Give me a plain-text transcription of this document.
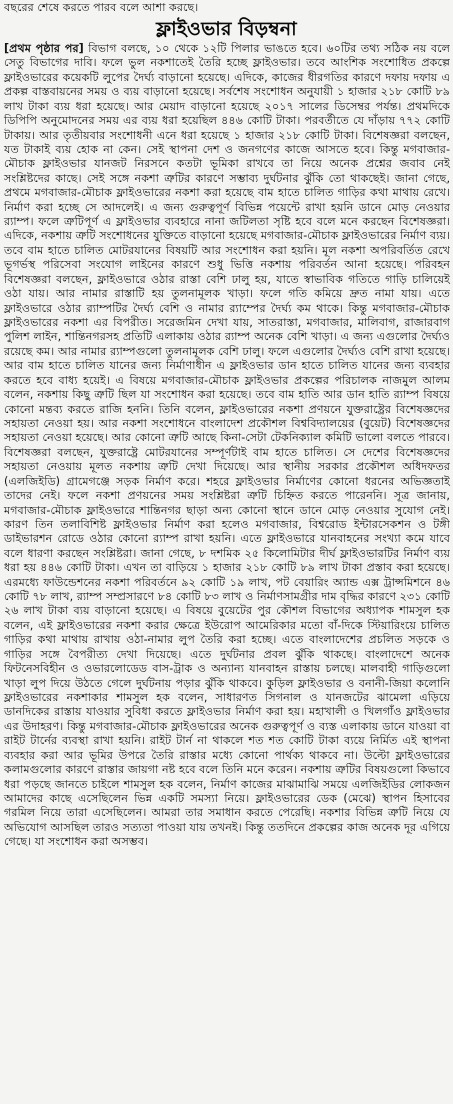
বছরের শেষে করতে পারব বলে আশা করছে।
ফ্লাইওভার বিড়ম্বনা
[প্রথম পৃষ্ঠার পর] বিভাগ বলছে, ১০ থেকে ১২টি পিলার ভাঙতে হবে। ৬০টির তথ্য সঠিক নয় বলে সেতু বিভাগের দাবি। ফলে ভুল নকশাতেই তৈরি হচ্ছে ফ্লাইওভার। তবে আংশিক সংশোধিত প্রকল্পে ফ্লাইওভারের কয়েকটি লুপের দৈর্ঘ্য বাড়ানো হয়েছে। এদিকে, কাজের ধীরগতির কারণে দফায় দফায় এ প্রকল্প বাস্তবায়নের সময় ও ব্যয় বাড়ানো হয়েছে। সর্বশেষ সংশোধন অনুযায়ী ১ হাজার ২১৮ কোটি ৮৯ লাখ টাকা ব্যয় ধরা হয়েছে। আর মেয়াদ বাড়ানো হয়েছে ২০১৭ সালের ডিসেম্বর পর্যন্ত। প্রথমদিকে ডিপিপি অনুমোদনের সময় এর ব্যয় ধরা হয়েছিল ৪৪৬ কোটি টাকা। পরবর্তীতে যে দাঁড়ায় ৭৭২ কোটি টাকায়। আর তৃতীয়বার সংশোধনী এনে ধরা হয়েছে ১ হাজার ২১৮ কোটি টাকা। বিশেষজ্ঞরা বলছেন, যত টাকাই ব্যয় হোক না কেন। সেই স্থাপনা দেশ ও জনগণের কাজে আসতে হবে। কিন্তু মগবাজার-মৌচাক ফ্লাইওভার যানজট নিরসনে কতটা ভূমিকা রাখবে তা নিয়ে অনেক প্রশ্নের জবাব নেই সংশ্লিষ্টদের কাছে। সেই সঙ্গে নকশা ত্রুটির কারণে সম্ভাব্য দুর্ঘটনার ঝুঁকি তো থাকছেই। জানা গেছে, প্রথমে মগবাজার-মৌচাক ফ্লাইওভারের নকশা করা হয়েছে বাম হাতে চালিত গাড়ির কথা মাথায় রেখে। নির্মাণ করা হচ্ছে সে আদলেই। এ জন্য গুরুত্বপূর্ণ বিভিন্ন পয়েন্টে রাখা হয়নি ডানে মোড় নেওয়ার র‍্যাম্প। ফলে ত্রুটিপূর্ণ এ ফ্লাইওভার ব্যবহারে নানা জটিলতা সৃষ্টি হবে বলে মনে করছেন বিশেষজ্ঞরা। এদিকে, নকশায় ত্রুটি সংশোধনের যুক্তিতে বাড়ানো হয়েছে মগবাজার-মৌচাক ফ্লাইওভারের নির্মাণ ব্যয়। তবে বাম হাতে চালিত মোটরযানের বিষয়টি আর সংশোধন করা হয়নি। মূল নকশা অপরিবর্তিত রেখে ভূগর্ভস্থ পরিসেবা সংযোগ লাইনের কারণে শুধু ভিত্তি নকশায় পরিবর্তন আনা হয়েছে। পরিবহন বিশেষজ্ঞরা বলছেন, ফ্লাইওভারে ওঠার রাস্তা বেশি ঢালু হয়, যাতে স্বাভাবিক গতিতে গাড়ি চালিয়েই ওঠা যায়। আর নামার রাস্তাটি হয় তুলনামূলক খাড়া। ফলে গতি কমিয়ে দ্রুত নামা যায়। এতে ফ্লাইওভারে ওঠার র‍্যাম্পটির দৈর্ঘ্য বেশি ও নামার র‍্যাম্পের দৈর্ঘ্য কম থাকে। কিন্তু মগবাজার-মৌচাক ফ্লাইওভারের নকশা এর বিপরীত। সরেজমিন দেখা যায়, সাতরাস্তা, মগবাজার, মালিবাগ, রাজারবাগ পুলিশ লাইন, শান্তিনগরসহ প্রতিটি এলাকায় ওঠার র‍্যাম্প অনেক বেশি খাড়া। এ জন্য এগুলোর দৈর্ঘ্যও রয়েছে কম। আর নামার র‍্যাম্পগুলো তুলনামূলক বেশি ঢালু। ফলে এগুলোর দৈর্ঘ্যও বেশি রাখা হয়েছে। আর বাম হাতে চালিত যানের জন্য নির্মাণাধীন এ ফ্লাইওভার ডান হাতে চালিত যানের জন্য ব্যবহার করতে হবে বাধ্য হয়েই। এ বিষয়ে মগবাজার-মৌচাক ফ্লাইওভার প্রকল্পের পরিচালক নাজমুল আলম বলেন, নকশায় কিছু ত্রুটি ছিল যা সংশোধন করা হয়েছে। তবে বাম হাতি আর ডান হাতি র‍্যাম্প বিষয়ে কোনো মন্তব্য করতে রাজি হননি। তিনি বলেন, ফ্লাইওভারের নকশা প্রণয়নে যুক্তরাষ্ট্রের বিশেষজ্ঞদের সহায়তা নেওয়া হয়। আর নকশা সংশোধনে বাংলাদেশ প্রকৌশল বিশ্ববিদ্যালয়ের (বুয়েট) বিশেষজ্ঞদের সহায়তা নেওয়া হয়েছে। আর কোনো ত্রুটি আছে কিনা-সেটা টেকনিক্যাল কমিটি ভালো বলতে পারবে। বিশেষজ্ঞরা বলছেন, যুক্তরাষ্ট্রে মোটরযানের সম্পূর্ণটাই বাম হাতে চালিত। সে দেশের বিশেষজ্ঞদের সহায়তা নেওয়ায় মূলত নকশায় ত্রুটি দেখা দিয়েছে। আর স্থানীয় সরকার প্রকৌশল অধিদফতর (এলজিইডি) গ্রামেগঞ্জে সড়ক নির্মাণ করে। শহরে ফ্লাইওভার নির্মাণের কোনো ধরনের অভিজ্ঞতাই তাদের নেই। ফলে নকশা প্রণয়নের সময় সংশ্লিষ্টরা ত্রুটি চিহ্নিত করতে পারেননি। সূত্র জানায়, মগবাজার-মৌচাক ফ্লাইওভারে শান্তিনগর ছাড়া অন্য কোনো স্থানে ডানে মোড় নেওয়ার সুযোগ নেই। কারণ তিন তলাবিশিষ্ট ফ্লাইওভার নির্মাণ করা হলেও মগবাজার, বিশ্বরোড ইন্টারসেকশন ও টঙ্গী ডাইভারশন রোডে ওঠার কোনো র‍্যাম্প রাখা হয়নি। এতে ফ্লাইওভারে যানবাহনের সংখ্যা কমে যাবে বলে ধারণা করছেন সংশ্লিষ্টরা। জানা গেছে, ৮ দশমিক ২৫ কিলোমিটার দীর্ঘ ফ্লাইওভারটির নির্মাণ ব্যয় ধরা হয় ৪৪৬ কোটি টাকা। এখন তা বাড়িয়ে ১ হাজার ২১৮ কোটি ৮৯ লাখ টাকা প্রস্তাব করা হয়েছে। এরমধ্যে ফাউন্ডেশনের নকশা পরিবর্তনে ৯২ কোটি ১৯ লাখ, পট বেয়ারিং অ্যান্ড এক্স ট্রান্সমিশনে ৪৬ কোটি ৭৮ লাখ, র‍্যাম্প সম্প্রসারণে ৮৪ কোটি ৮৩ লাখ ও নির্মাণসামগ্রীর দাম বৃদ্ধির কারণে ২৩১ কোটি ২৬ লাখ টাকা ব্যয় বাড়ানো হয়েছে। এ বিষয়ে বুয়েটের পুর কৌশল বিভাগের অধ্যাপক শামসুল হক বলেন, এই ফ্লাইওভারের নকশা করার ক্ষেত্রে ইউরোপ আমেরিকার মতো বাঁ-দিকে স্টিয়ারিংয়ে চালিত গাড়ির কথা মাথায় রাখায় ওঠা-নামার লুপ তৈরি করা হচ্ছে। এতে বাংলাদেশের প্রচলিত সড়কে ও গাড়ির সঙ্গে বৈপরীত্য দেখা দিয়েছে। এতে দুর্ঘটনার প্রবল ঝুঁকি থাকছে। বাংলাদেশে অনেক ফিটনেসবিহীন ও ওভারলোডেড বাস-ট্রাক ও অন্যান্য যানবাহন রাস্তায় চলছে। মালবাহী গাড়িগুলো খাড়া লুপ দিয়ে উঠতে গেলে দুর্ঘটনায় পড়ার ঝুঁকি থাকবে। কুড়িল ফ্লাইওভার ও বনানী-জিয়া কলোনি ফ্লাইওভারের নকশাকার শামসুল হক বলেন, সাধারণত সিগনাল ও যানজটের ঝামেলা এড়িয়ে ডানদিকের রাস্তায় যাওয়ার সুবিধা করতে ফ্লাইওভার নির্মাণ করা হয়। মহাখালী ও খিলগাঁও ফ্লাইওভার এর উদাহরণ। কিন্তু মগবাজার-মৌচাক ফ্লাইওভারের অনেক গুরুত্বপূর্ণ ও ব্যস্ত এলাকায় ডানে যাওয়া বা রাইট টার্নের ব্যবস্থা রাখা হয়নি। রাইট টার্ন না থাকলে শত শত কোটি টাকা ব্যয়ে নির্মিত এই স্থাপনা ব্যবহার করা আর ভূমির উপরে তৈরি রাস্তার মধ্যে কোনো পার্থক্য থাকবে না। উল্টো ফ্লাইওভারের কলামগুলোর কারণে রাস্তার জায়গা নষ্ট হবে বলে তিনি মনে করেন। নকশায় ত্রুটির বিষয়গুলো কিভাবে ধরা পড়ছে জানতে চাইলে শামসুল হক বলেন, নির্মাণ কাজের মাঝামাঝি সময়ে এলজিইডির লোকজন আমাদের কাছে এসেছিলেন ভিন্ন একটি সমস্যা নিয়ে। ফ্লাইওভারের ডেক (মেঝে) স্থাপন হিসাবের গরমিল নিয়ে তারা এসেছিলেন। আমরা তার সমাধান করতে পেরেছি। নকশার বিভিন্ন ত্রুটি নিয়ে যে অভিযোগ আসছিল তারও সত্যতা পাওয়া যায় তখনই। কিন্তু ততদিনে প্রকল্পের কাজ অনেক দূর এগিয়ে গেছে। যা সংশোধন করা অসম্ভব।
